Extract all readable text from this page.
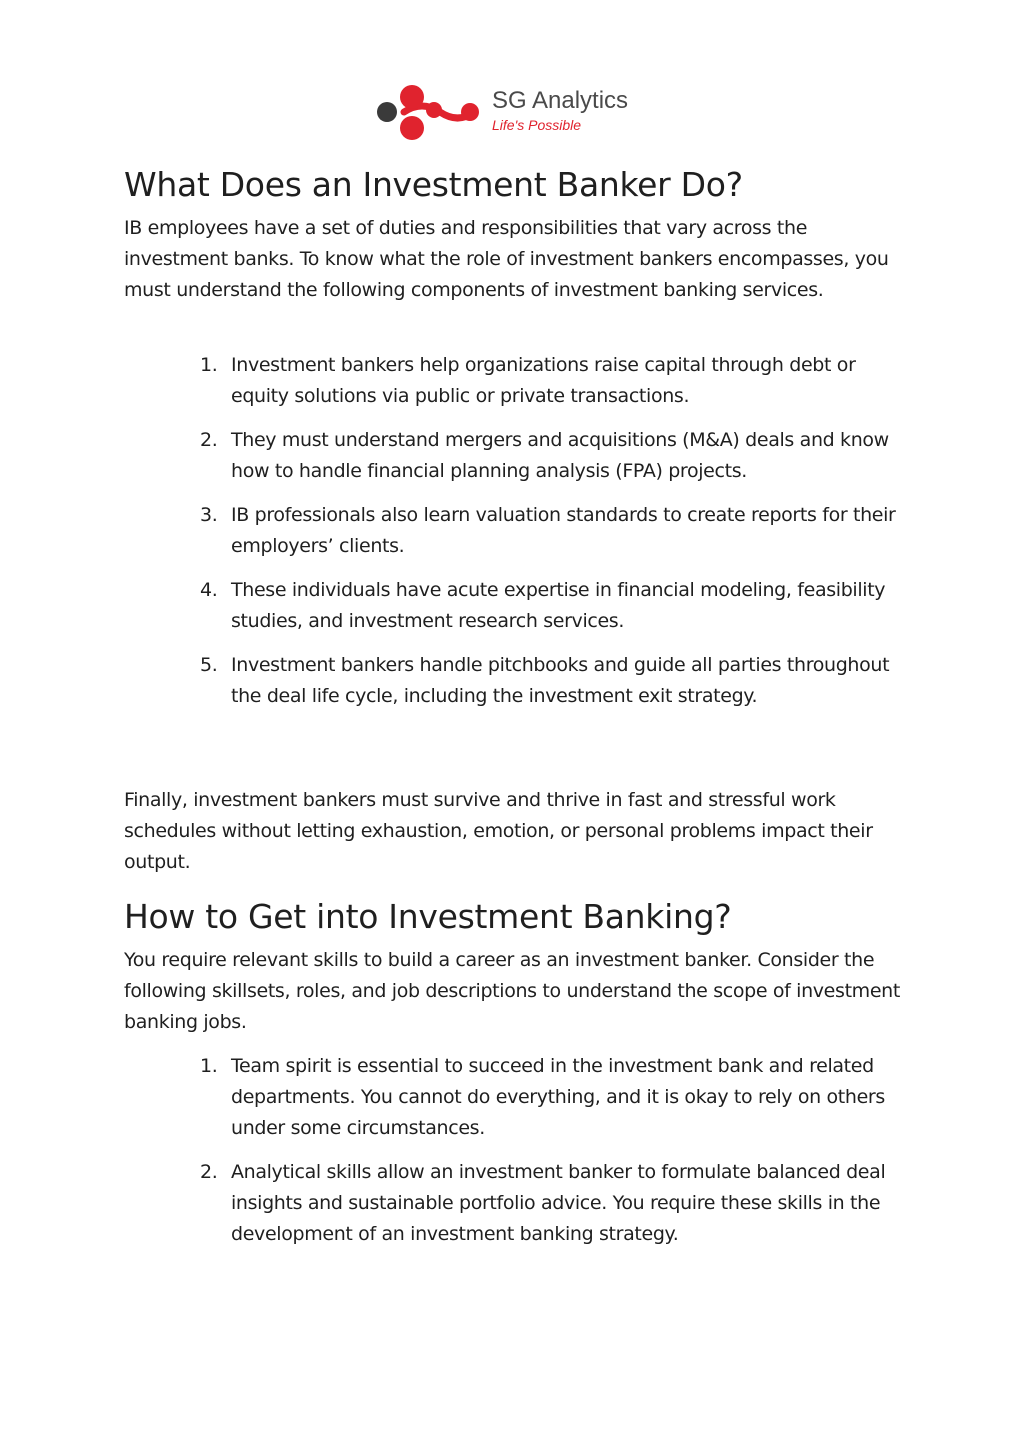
SG Analytics
Life's Possible
What Does an Investment Banker Do?

IB employees have a set of duties and responsibilities that vary across the investment banks. To know what the role of investment bankers encompasses, you must understand the following components of investment banking services.

1. Investment bankers help organizations raise capital through debt or equity solutions via public or private transactions.
2. They must understand mergers and acquisitions (M&A) deals and know how to handle financial planning analysis (FPA) projects.
3. IB professionals also learn valuation standards to create reports for their employers’ clients.
4. These individuals have acute expertise in financial modeling, feasibility studies, and investment research services.
5. Investment bankers handle pitchbooks and guide all parties throughout the deal life cycle, including the investment exit strategy.

Finally, investment bankers must survive and thrive in fast and stressful work schedules without letting exhaustion, emotion, or personal problems impact their output.

How to Get into Investment Banking?

You require relevant skills to build a career as an investment banker. Consider the following skillsets, roles, and job descriptions to understand the scope of investment banking jobs.

1. Team spirit is essential to succeed in the investment bank and related departments. You cannot do everything, and it is okay to rely on others under some circumstances.
2. Analytical skills allow an investment banker to formulate balanced deal insights and sustainable portfolio advice. You require these skills in the development of an investment banking strategy.
